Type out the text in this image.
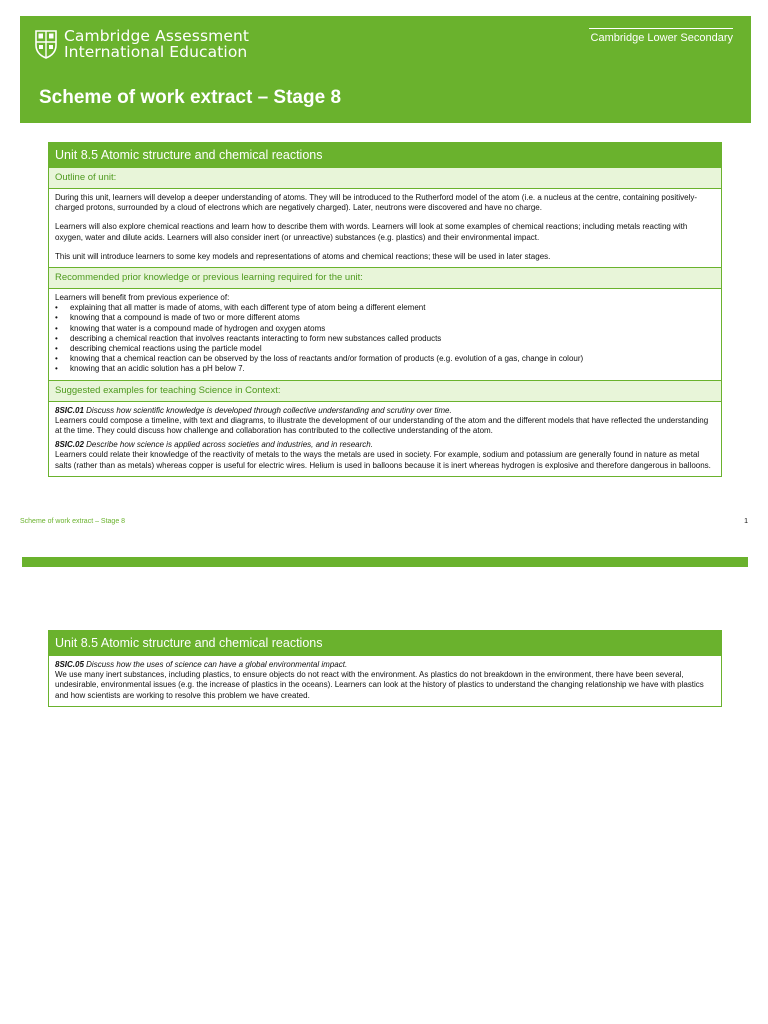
Cambridge Assessment
International Education
Cambridge Lower Secondary
Scheme of work extract – Stage 8
Unit 8.5 Atomic structure and chemical reactions
Outline of unit:

During this unit, learners will develop a deeper understanding of atoms. They will be introduced to the Rutherford model of the atom (i.e. a nucleus at the centre, containing positively-charged protons, surrounded by a cloud of electrons which are negatively charged). Later, neutrons were discovered and have no charge.

Learners will also explore chemical reactions and learn how to describe them with words. Learners will look at some examples of chemical reactions; including metals reacting with oxygen, water and dilute acids. Learners will also consider inert (or unreactive) substances (e.g. plastics) and their environmental impact.

This unit will introduce learners to some key models and representations of atoms and chemical reactions; these will be used in later stages.

Recommended prior knowledge or previous learning required for the unit:

Learners will benefit from previous experience of:

• explaining that all matter is made of atoms, with each different type of atom being a different element
• knowing that a compound is made of two or more different atoms
• knowing that water is a compound made of hydrogen and oxygen atoms
• describing a chemical reaction that involves reactants interacting to form new substances called products
• describing chemical reactions using the particle model
• knowing that a chemical reaction can be observed by the loss of reactants and/or formation of products (e.g. evolution of a gas, change in colour)
• knowing that an acidic solution has a pH below 7.
Suggested examples for teaching Science in Context:

8SIC.01 Discuss how scientific knowledge is developed through collective understanding and scrutiny over time.

Learners could compose a timeline, with text and diagrams, to illustrate the development of our understanding of the atom and the different models that have reflected the understanding at the time. They could discuss how challenge and collaboration has contributed to the collective understanding of the atom.

8SIC.02 Describe how science is applied across societies and industries, and in research.

Learners could relate their knowledge of the reactivity of metals to the ways the metals are used in society. For example, sodium and potassium are generally found in nature as metal salts (rather than as metals) whereas copper is useful for electric wires. Helium is used in balloons because it is inert whereas hydrogen is explosive and therefore dangerous in balloons.

Scheme of work extract – Stage 8	1
Unit 8.5 Atomic structure and chemical reactions

8SIC.05 Discuss how the uses of science can have a global environmental impact.

We use many inert substances, including plastics, to ensure objects do not react with the environment. As plastics do not breakdown in the environment, there have been several, undesirable, environmental issues (e.g. the increase of plastics in the oceans). Learners can look at the history of plastics to understand the changing relationship we have with plastics and how scientists are working to resolve this problem we have created.
